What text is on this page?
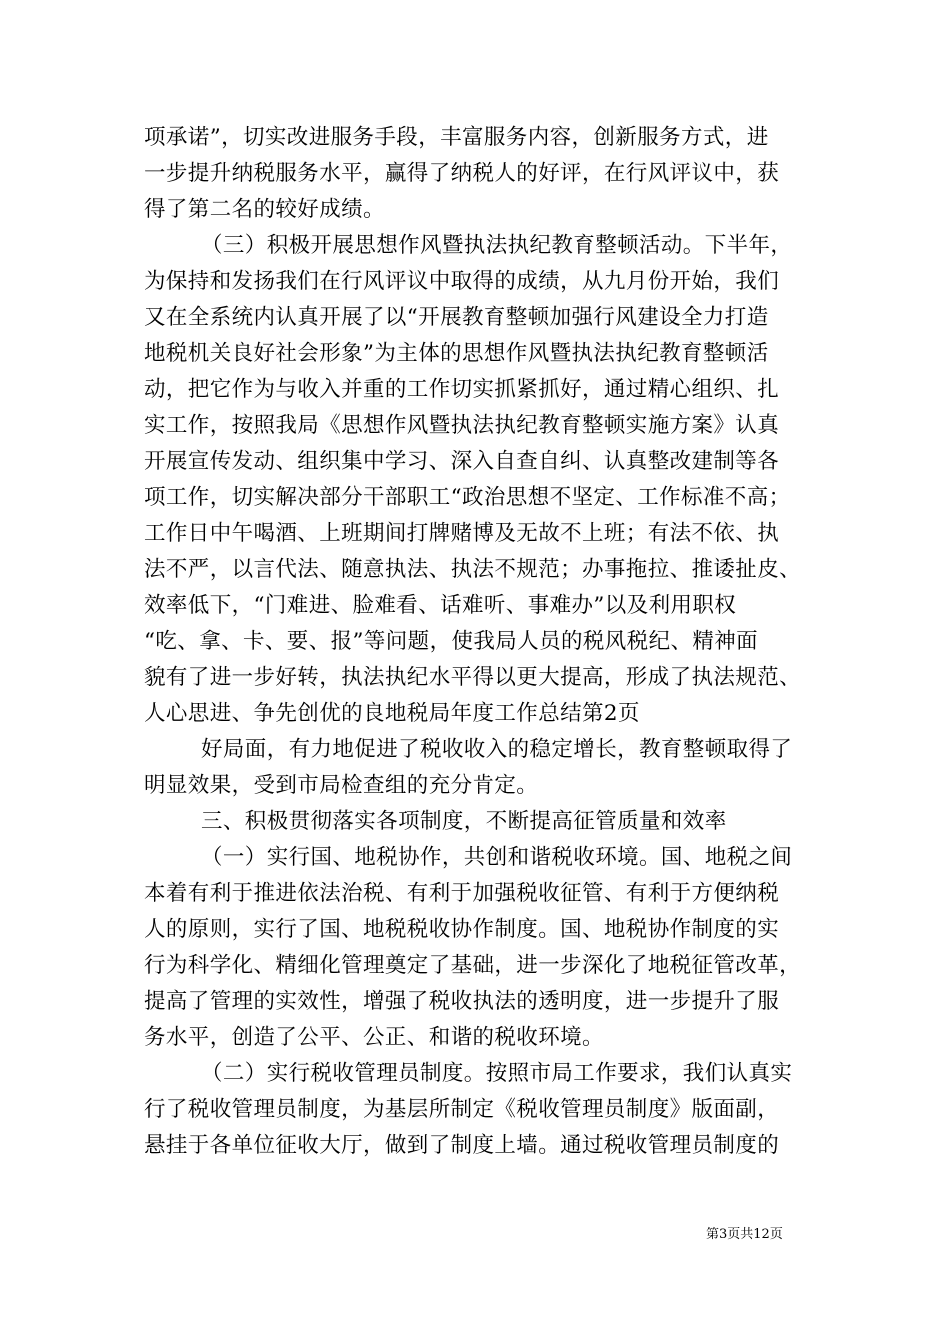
项承诺”，切实改进服务手段，丰富服务内容，创新服务方式，进
一步提升纳税服务水平，赢得了纳税人的好评，在行风评议中，获
得了第二名的较好成绩。
（三）积极开展思想作风暨执法执纪教育整顿活动。下半年，
为保持和发扬我们在行风评议中取得的成绩，从九月份开始，我们
又在全系统内认真开展了以“开展教育整顿加强行风建设全力打造
地税机关良好社会形象”为主体的思想作风暨执法执纪教育整顿活
动，把它作为与收入并重的工作切实抓紧抓好，通过精心组织、扎
实工作，按照我局《思想作风暨执法执纪教育整顿实施方案》认真
开展宣传发动、组织集中学习、深入自查自纠、认真整改建制等各
项工作，切实解决部分干部职工“政治思想不坚定、工作标准不高；
工作日中午喝酒、上班期间打牌赌博及无故不上班；有法不依、执
法不严，以言代法、随意执法、执法不规范；办事拖拉、推诿扯皮、
效率低下，“门难进、脸难看、话难听、事难办”以及利用职权
“吃、拿、卡、要、报”等问题，使我局人员的税风税纪、精神面
貌有了进一步好转，执法执纪水平得以更大提高，形成了执法规范、
人心思进、争先创优的良地税局年度工作总结第2页
好局面，有力地促进了税收收入的稳定增长，教育整顿取得了
明显效果，受到市局检查组的充分肯定。
三、积极贯彻落实各项制度，不断提高征管质量和效率
（一）实行国、地税协作，共创和谐税收环境。国、地税之间
本着有利于推进依法治税、有利于加强税收征管、有利于方便纳税
人的原则，实行了国、地税税收协作制度。国、地税协作制度的实
行为科学化、精细化管理奠定了基础，进一步深化了地税征管改革，
提高了管理的实效性，增强了税收执法的透明度，进一步提升了服
务水平，创造了公平、公正、和谐的税收环境。
（二）实行税收管理员制度。按照市局工作要求，我们认真实
行了税收管理员制度，为基层所制定《税收管理员制度》版面副，
悬挂于各单位征收大厅，做到了制度上墙。通过税收管理员制度的
第3页共12页
